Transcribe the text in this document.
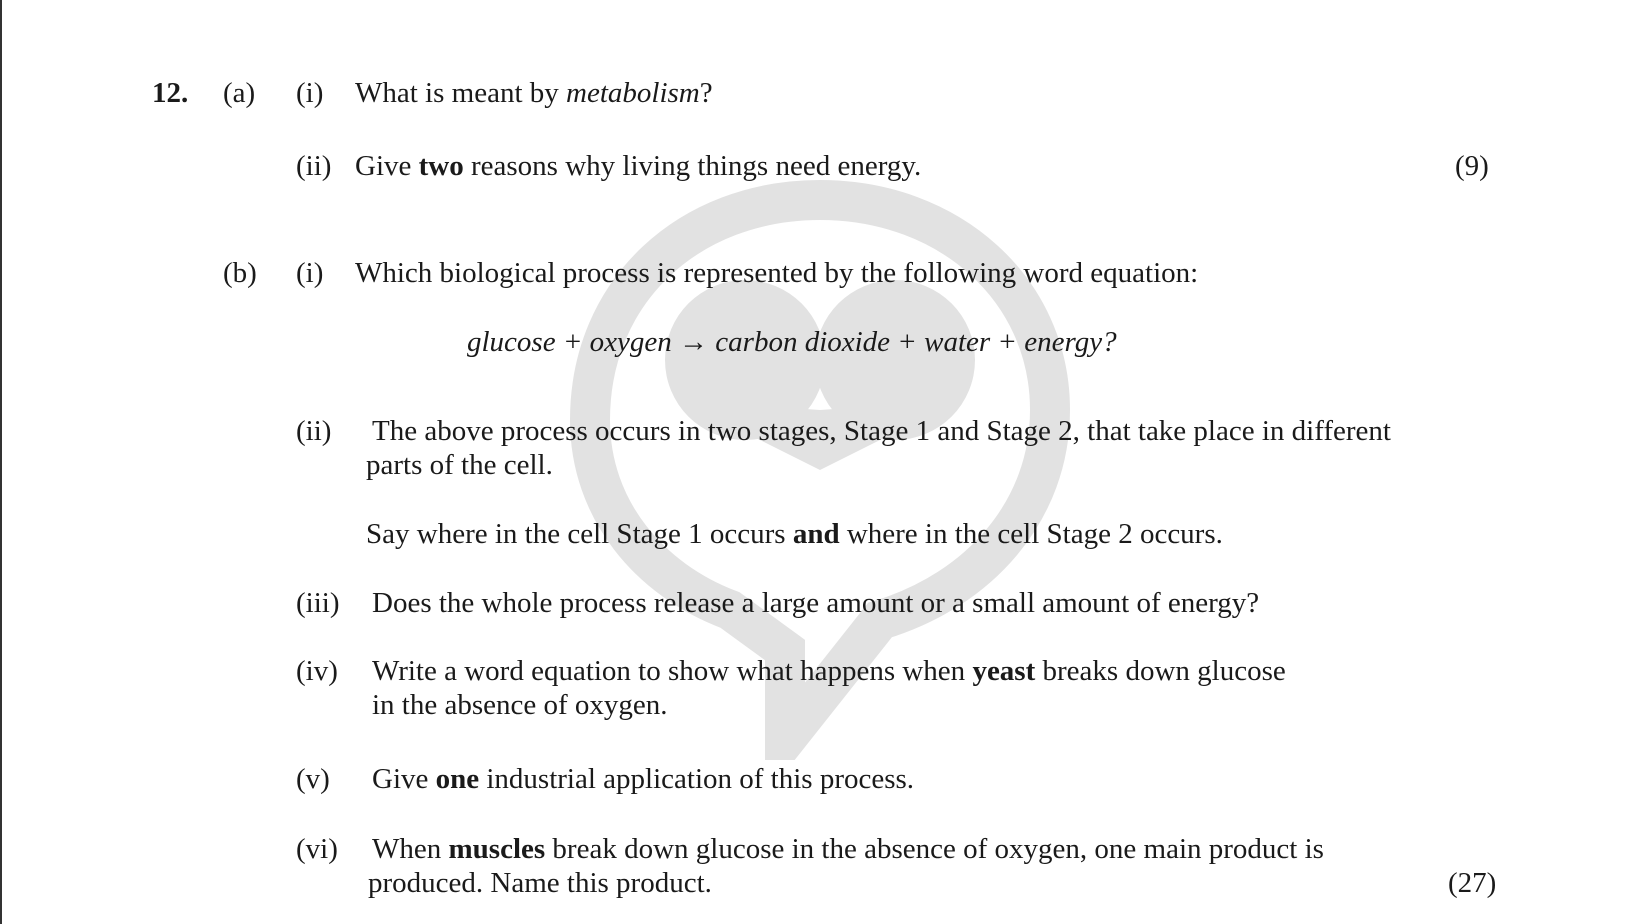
12. (a) (i) What is meant by metabolism?
(ii) Give two reasons why living things need energy.	(9)
(b) (i) Which biological process is represented by the following word equation:
glucose + oxygen → carbon dioxide + water + energy?
(ii) The above process occurs in two stages, Stage 1 and Stage 2, that take place in different
parts of the cell.
Say where in the cell Stage 1 occurs and where in the cell Stage 2 occurs.
(iii) Does the whole process release a large amount or a small amount of energy?
(iv) Write a word equation to show what happens when yeast breaks down glucose
in the absence of oxygen.
(v) Give one industrial application of this process.
(vi) When muscles break down glucose in the absence of oxygen, one main product is
produced. Name this product.	(27)
